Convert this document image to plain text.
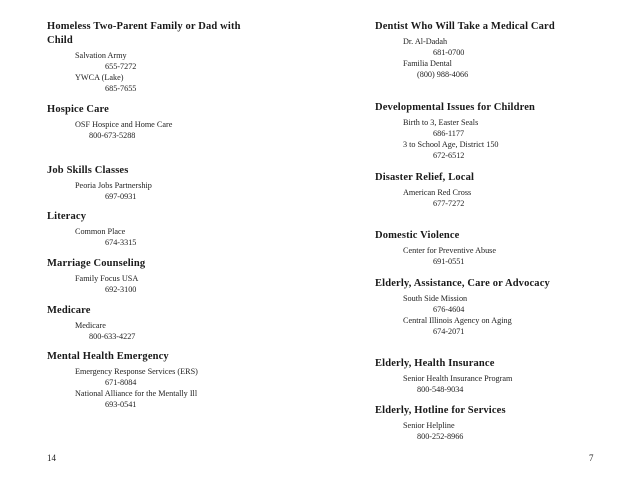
Homeless Two-Parent Family or Dad with
Child
Salvation Army
655-7272
YWCA (Lake)
685-7655
Hospice Care
OSF Hospice and Home Care
800-673-5288
Job Skills Classes
Peoria Jobs Partnership
697-0931
Literacy
Common Place
674-3315
Marriage Counseling
Family Focus USA
692-3100
Medicare
Medicare
800-633-4227
Mental Health Emergency
Emergency Response Services (ERS)
671-8084
National Alliance for the Mentally Ill
693-0541
Dentist Who Will Take a Medical Card
Dr. Al-Dadah
681-0700
Familia Dental
(800) 988-4066
Developmental Issues for Children
Birth to 3, Easter Seals
686-1177
3 to School Age, District 150
672-6512
Disaster Relief, Local
American Red Cross
677-7272
Domestic Violence
Center for Preventive Abuse
691-0551
Elderly, Assistance, Care or Advocacy
South Side Mission
676-4604
Central Illinois Agency on Aging
674-2071
Elderly, Health Insurance
Senior Health Insurance Program
800-548-9034
Elderly, Hotline for Services
Senior Helpline
800-252-8966
14	7
